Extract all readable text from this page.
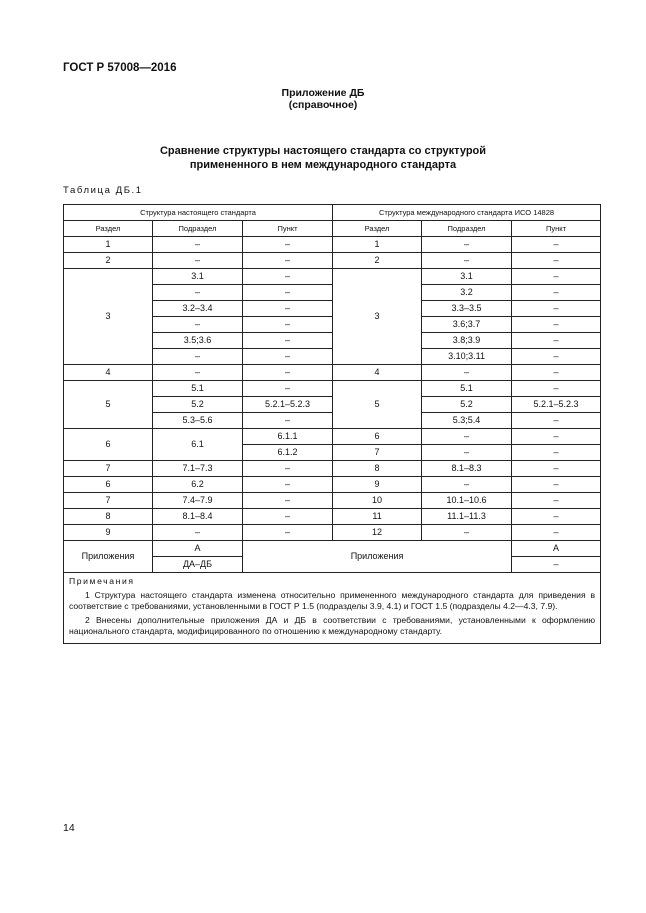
ГОСТ Р 57008—2016
Приложение ДБ
(справочное)
Сравнение структуры настоящего стандарта со структурой
примененного в нем международного стандарта
Таблица ДБ.1
Структура настоящего стандарта			Структура международного стандарта ИСО 14828		
Раздел	Подраздел	Пункт	Раздел	Подраздел	Пункт
1	–	–	1	–	–
2	–	–	2	–	–
3	3.1	–	3	3.1	–
	–	–		3.2	–
	3.2–3.4	–		3.3–3.5	–
	–	–		3.6;3.7	–
	3.5;3.6	–		3.8;3.9	–
	–	–		3.10;3.11	–
4	–	–	4	–	–
5	5.1	–	5	5.1	–
	5.2	5.2.1–5.2.3		5.2	5.2.1–5.2.3
	5.3–5.6	–		5.3;5.4	–
6	6.1	6.1.1	6	–	–
		6.1.2	7	–	–
7	7.1–7.3	–	8	8.1–8.3	–
6	6.2	–	9	–	–
7	7.4–7.9	–	10	10.1–10.6	–
8	8.1–8.4	–	11	11.1–11.3	–
9	–	–	12	–	–
Приложения	А	Приложения			А
	ДА–ДБ				–

Примечания

1 Структура настоящего стандарта изменена относительно примененного международного стандарта для приведения в соответствие с требованиями, установленными в ГОСТ Р 1.5 (подразделы 3.9, 4.1) и ГОСТ 1.5 (подразделы 4.2—4.3, 7.9).

2 Внесены дополнительные приложения ДА и ДБ в соответствии с требованиями, установленными к оформлению национального стандарта, модифицированного по отношению к международному стандарту.					

14
